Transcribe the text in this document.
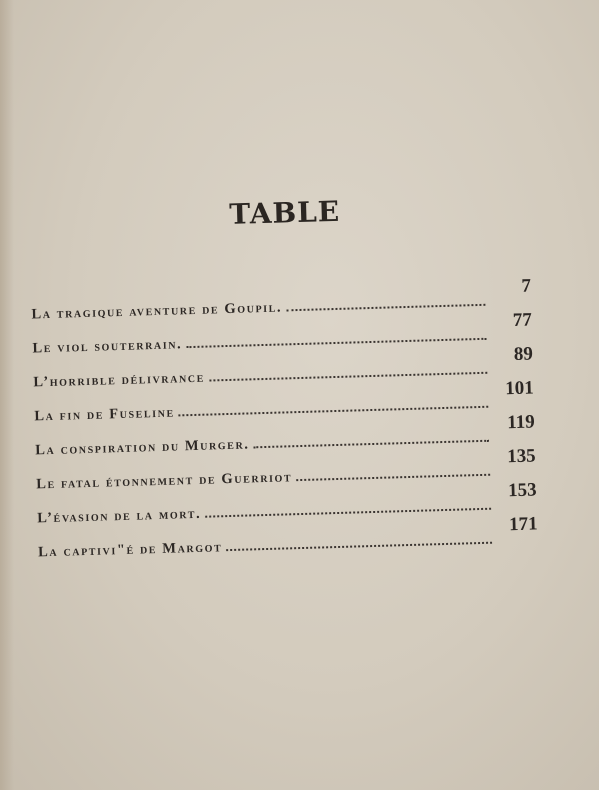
TABLE
La tragique aventure de Goupil.
7
Le viol souterrain.
77
L’horrible délivrance
89
La fin de Fuseline
101
La conspiration du Murger.
119
Le fatal étonnement de Guerriot
135
L’évasion de la mort.
153
La captivi"é de Margot
171
